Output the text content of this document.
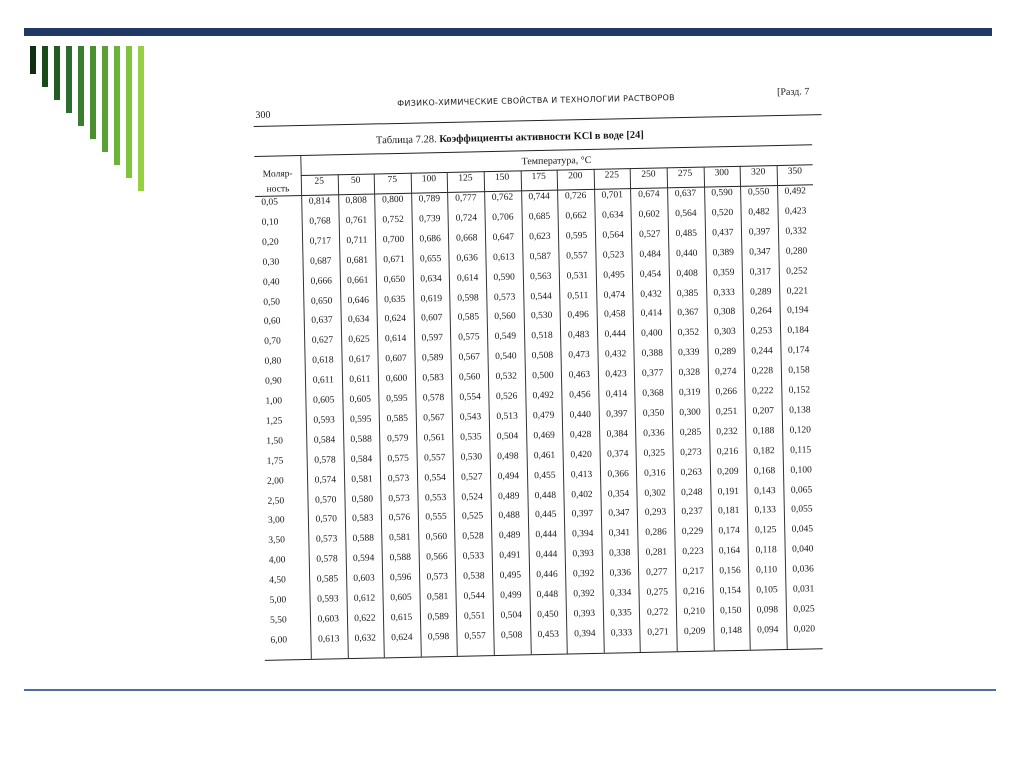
300
ФИЗИКО-ХИМИЧЕСКИЕ СВОЙСТВА И ТЕХНОЛОГИИ РАСТВОРОВ
[Разд. 7
Таблица 7.28. Коэффициенты активности KCl в воде [24]
Моляр-
ность
Температура, °С
25	50	75	100	125	150	175	200	225	250	275	300	320	350
0,05	0,814	0,808	0,800	0,789	0,777	0,762	0,744	0,726	0,701	0,674	0,637	0,590	0,550	0,492
0,10	0,768	0,761	0,752	0,739	0,724	0,706	0,685	0,662	0,634	0,602	0,564	0,520	0,482	0,423
0,20	0,717	0,711	0,700	0,686	0,668	0,647	0,623	0,595	0,564	0,527	0,485	0,437	0,397	0,332
0,30	0,687	0,681	0,671	0,655	0,636	0,613	0,587	0,557	0,523	0,484	0,440	0,389	0,347	0,280
0,40	0,666	0,661	0,650	0,634	0,614	0,590	0,563	0,531	0,495	0,454	0,408	0,359	0,317	0,252
0,50	0,650	0,646	0,635	0,619	0,598	0,573	0,544	0,511	0,474	0,432	0,385	0,333	0,289	0,221
0,60	0,637	0,634	0,624	0,607	0,585	0,560	0,530	0,496	0,458	0,414	0,367	0,308	0,264	0,194
0,70	0,627	0,625	0,614	0,597	0,575	0,549	0,518	0,483	0,444	0,400	0,352	0,303	0,253	0,184
0,80	0,618	0,617	0,607	0,589	0,567	0,540	0,508	0,473	0,432	0,388	0,339	0,289	0,244	0,174
0,90	0,611	0,611	0,600	0,583	0,560	0,532	0,500	0,463	0,423	0,377	0,328	0,274	0,228	0,158
1,00	0,605	0,605	0,595	0,578	0,554	0,526	0,492	0,456	0,414	0,368	0,319	0,266	0,222	0,152
1,25	0,593	0,595	0,585	0,567	0,543	0,513	0,479	0,440	0,397	0,350	0,300	0,251	0,207	0,138
1,50	0,584	0,588	0,579	0,561	0,535	0,504	0,469	0,428	0,384	0,336	0,285	0,232	0,188	0,120
1,75	0,578	0,584	0,575	0,557	0,530	0,498	0,461	0,420	0,374	0,325	0,273	0,216	0,182	0,115
2,00	0,574	0,581	0,573	0,554	0,527	0,494	0,455	0,413	0,366	0,316	0,263	0,209	0,168	0,100
2,50	0,570	0,580	0,573	0,553	0,524	0,489	0,448	0,402	0,354	0,302	0,248	0,191	0,143	0,065
3,00	0,570	0,583	0,576	0,555	0,525	0,488	0,445	0,397	0,347	0,293	0,237	0,181	0,133	0,055
3,50	0,573	0,588	0,581	0,560	0,528	0,489	0,444	0,394	0,341	0,286	0,229	0,174	0,125	0,045
4,00	0,578	0,594	0,588	0,566	0,533	0,491	0,444	0,393	0,338	0,281	0,223	0,164	0,118	0,040
4,50	0,585	0,603	0,596	0,573	0,538	0,495	0,446	0,392	0,336	0,277	0,217	0,156	0,110	0,036
5,00	0,593	0,612	0,605	0,581	0,544	0,499	0,448	0,392	0,334	0,275	0,216	0,154	0,105	0,031
5,50	0,603	0,622	0,615	0,589	0,551	0,504	0,450	0,393	0,335	0,272	0,210	0,150	0,098	0,025
6,00	0,613	0,632	0,624	0,598	0,557	0,508	0,453	0,394	0,333	0,271	0,209	0,148	0,094	0,020
